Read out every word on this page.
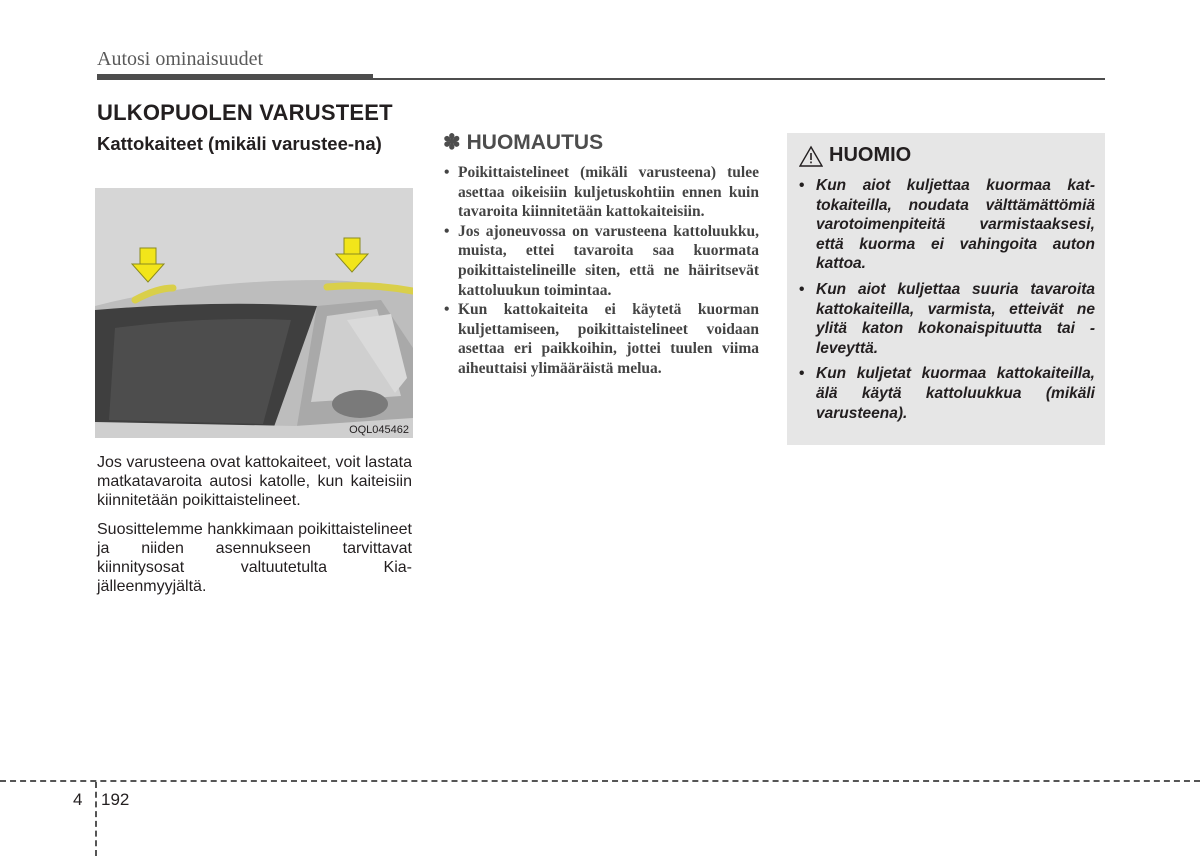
Autosi ominaisuudet
ULKOPUOLEN VARUSTEET
Kattokaiteet (mikäli varustee-na)
OQL045462

Jos varusteena ovat kattokaiteet, voit lastata matkatavaroita autosi katolle, kun kaiteisiin kiinnitetään poikittaistelineet.

Suosittelemme hankkimaan poikittaistelineet ja niiden asennukseen tarvittavat kiinnitysosat valtuutetulta Kia-jälleenmyyjältä.

✽ HUOMAUTUS
• Poikittaistelineet (mikäli varusteena) tulee asettaa oikeisiin kuljetuskohtiin ennen kuin tavaroita kiinnitetään kattokaiteisiin.
• Jos ajoneuvossa on varusteena kattoluukku, muista, ettei tavaroita saa kuormata poikittaistelineille siten, että ne häiritsevät kattoluukun toimintaa.
• Kun kattokaiteita ei käytetä kuorman kuljettamiseen, poikittaistelineet voidaan asettaa eri paikkoihin, jottei tuulen viima aiheuttaisi ylimääräistä melua.
HUOMIO
• Kun aiot kuljettaa kuormaa kattokaiteilla, noudata välttämättömiä varotoimenpiteitä varmistaaksesi, että kuorma ei vahingoita auton kattoa.
• Kun aiot kuljettaa suuria tavaroita kattokaiteilla, varmista, etteivät ne ylitä katon kokonaispituutta tai -leveyttä.
• Kun kuljetat kuormaa kattokaiteilla, älä käytä kattoluukkua (mikäli varusteena).
4 192
